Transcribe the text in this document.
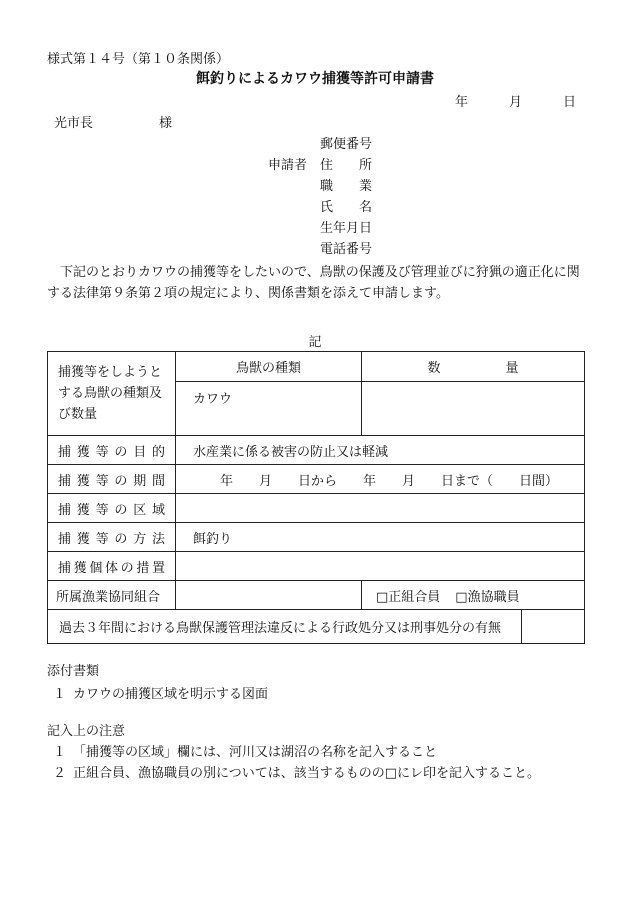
様式第１４号（第１０条関係）
餌釣りによるカワウ捕獲等許可申請書
年	月	日
光市長	様
申請者
郵便番号
住　　所
職　　業
氏　　名
生年月日
電話番号
下記のとおりカワウの捕獲等をしたいので、鳥獣の保護及び管理並びに狩猟の適正化に関する法律第９条第２項の規定により、関係書類を添えて申請します。
記
捕獲等をしようとする鳥獣の種類及び数量	鳥獣の種類	数　　　　　量	
	カワウ		
捕獲等の目的	水産業に係る被害の防止又は軽減		
捕獲等の期間	年　　月　　日から　　年　　月　　日まで（　　日間）		
捕獲等の区域			
捕獲等の方法	餌釣り		
捕獲個体の措置			
所属漁業協同組合		□正組合員 □漁協職員	
過去３年間における鳥獣保護管理法違反による行政処分又は刑事処分の有無			
添付書類
１ カワウの捕獲区域を明示する図面
記入上の注意
１ 「捕獲等の区域」欄には、河川又は湖沼の名称を記入すること
２ 正組合員、漁協職員の別については、該当するものの□にレ印を記入すること。
